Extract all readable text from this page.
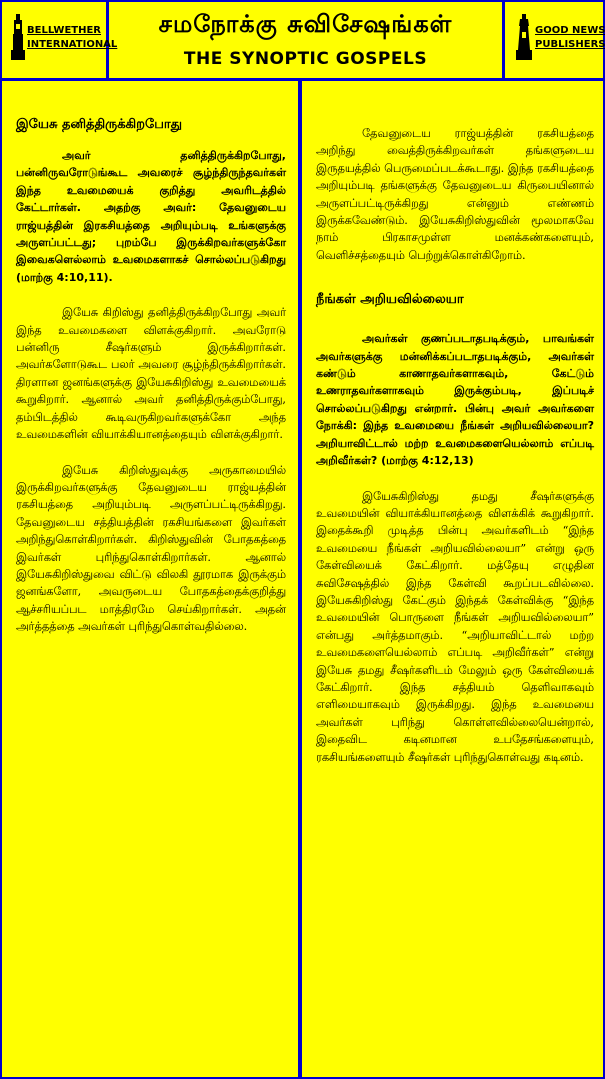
BELLWETHER
INTERNATIONAL
சமநோக்கு சுவிசேஷங்கள்
THE SYNOPTIC GOSPELS
GOOD NEWS
PUBLISHERS
இயேசு தனித்திருக்கிறபோது

அவர் தனித்திருக்கிறபோது, பன்னிருவரோடுங்கூட அவரைச் சூழ்ந்திருந்தவர்கள் இந்த உவமையைக் குறித்து அவரிடத்தில் கேட்டார்கள். அதற்கு அவர்: தேவனுடைய ராஜ்யத்தின் இரகசியத்தை அறியும்படி உங்களுக்கு அருளப்பட்டது; புறம்பே இருக்கிறவர்களுக்கோ இவைகளெல்லாம் உவமைகளாகச் சொல்லப்படுகிறது (மாற்கு 4:10,11).

இயேசு கிறிஸ்து தனித்திருக்கிறபோது அவர் இந்த உவமைகளை விளக்குகிறார். அவரோடு பன்னிரு சீஷர்களும் இருக்கிறார்கள். அவர்களோடுகூட பலர் அவரை சூழ்ந்திருக்கிறார்கள். திரளான ஜனங்களுக்கு இயேசுகிறிஸ்து உவமையைக் கூறுகிறார். ஆனால் அவர் தனித்திருக்கும்போது, தம்பிடத்தில் கூடிவருகிறவர்களுக்கோ அந்த உவமைகளின் வியாக்கியானத்தையும் விளக்குகிறார்.

இயேசு கிறிஸ்துவுக்கு அருகாமையில் இருக்கிறவர்களுக்கு தேவனுடைய ராஜ்யத்தின் ரகசியத்தை அறியும்படி அருளப்பட்டிருக்கிறது. தேவனுடைய சத்தியத்தின் ரகசியங்களை இவர்கள் அறிந்துகொள்கிறார்கள். கிறிஸ்துவின் போதகத்தை இவர்கள் புரிந்துகொள்கிறார்கள். ஆனால் இயேசுகிறிஸ்துவை விட்டு விலகி தூரமாக இருக்கும் ஜனங்களோ, அவருடைய போதகத்தைக்குறித்து ஆச்சரியப்பட மாத்திரமே செய்கிறார்கள். அதன் அர்த்தத்தை அவர்கள் புரிந்துகொள்வதில்லை.

தேவனுடைய ராஜ்யத்தின் ரகசியத்தை அறிந்து வைத்திருக்கிறவர்கள் தங்களுடைய இருதயத்தில் பெருமைப்படக்கூடாது. இந்த ரகசியத்தை அறியும்படி தங்களுக்கு தேவனுடைய கிருபையினால் அருளப்பட்டிருக்கிறது என்னும் எண்ணம் இருக்கவேண்டும். இயேசுகிறிஸ்துவின் மூலமாகவே நாம் பிரகாசமுள்ள மனக்கண்களையும், வெளிச்சத்தையும் பெற்றுக்கொள்கிறோம்.

நீங்கள் அறியவில்லையா

அவர்கள் குணப்படாதபடிக்கும், பாவங்கள் அவர்களுக்கு மன்னிக்கப்படாதபடிக்கும், அவர்கள் கண்டும் காணாதவர்களாகவும், கேட்டும் உணராதவர்களாகவும் இருக்கும்படி, இப்படிச் சொல்லப்படுகிறது என்றார். பின்பு அவர் அவர்களை நோக்கி: இந்த உவமையை நீங்கள் அறியவில்லையா? அறியாவிட்டால் மற்ற உவமைகளையெல்லாம் எப்படி அறிவீர்கள்? (மாற்கு 4:12,13)

இயேசுகிறிஸ்து தமது சீஷர்களுக்கு உவமையின் வியாக்கியானத்தை விளக்கிக் கூறுகிறார். இதைக்கூறி முடித்த பின்பு அவர்களிடம் “இந்த உவமையை நீங்கள் அறியவில்லையா” என்று ஒரு கேள்வியைக் கேட்கிறார். மத்தேயு எழுதின சுவிசேஷத்தில் இந்த கேள்வி கூறப்படவில்லை. இயேசுகிறிஸ்து கேட்கும் இந்தக் கேள்விக்கு “இந்த உவமையின் பொருளை நீங்கள் அறியவில்லையா” என்பது அர்த்தமாகும். “அறியாவிட்டால் மற்ற உவமைகளையெல்லாம் எப்படி அறிவீர்கள்” என்று இயேசு தமது சீஷர்களிடம் மேலும் ஒரு கேள்வியைக் கேட்கிறார். இந்த சத்தியம் தெளிவாகவும் எளிமையாகவும் இருக்கிறது. இந்த உவமையை அவர்கள் புரிந்து கொள்ளவில்லையென்றால், இதைவிட கடினமான உபதேசங்களையும், ரகசியங்களையும் சீஷர்கள் புரிந்துகொள்வது கடினம்.
